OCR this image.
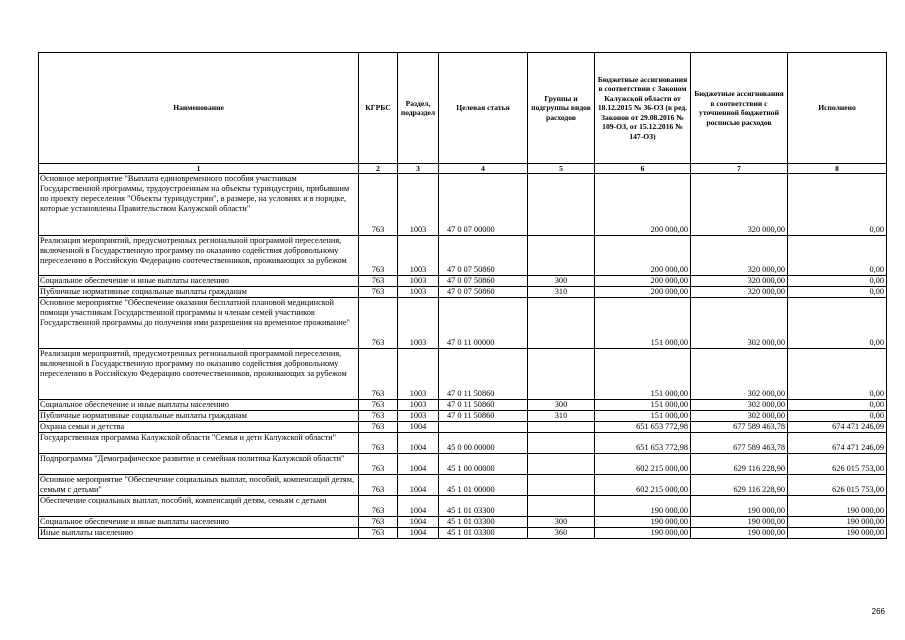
Наименование	КГРБС	Раздел, подраздел	Целевая статья	Группы и подгруппы видов расходов	Бюджетные ассигнования в соответствии с Законом Калужской области от 18.12.2015 № 36-ОЗ (в ред. Законов от 29.08.2016 № 109-ОЗ, от 15.12.2016 № 147-ОЗ)	Бюджетные ассигнования в соответствии с уточненной бюджетной росписью расходов	Исполнено
1	2	3	4	5	6	7	8
Основное мероприятие "Выплата единовременного пособия участникам Государственной программы, трудоустроенным на объекты туриндустрии, прибывшим по проекту переселения "Объекты туриндустрии", в размере, на условиях и в порядке, которые установлены Правительством Калужской области"	763	1003	47 0 07 00000		200 000,00	320 000,00	0,00
Реализация мероприятий, предусмотренных региональной программой переселения, включенной в Государственную программу по оказанию содействия добровольному переселению в Российскую Федерацию соотечественников, проживающих за рубежом	763	1003	47 0 07 50860		200 000,00	320 000,00	0,00
Социальное обеспечение и иные выплаты населению	763	1003	47 0 07 50860	300	200 000,00	320 000,00	0,00
Публичные нормативные социальные выплаты гражданам	763	1003	47 0 07 50860	310	200 000,00	320 000,00	0,00
Основное мероприятие "Обеспечение оказания бесплатной плановой медицинской помощи участникам Государственной программы и членам семей участников Государственной программы до получения ими разрешения на временное проживание"	763	1003	47 0 11 00000		151 000,00	302 000,00	0,00
Реализация мероприятий, предусмотренных региональной программой переселения, включенной в Государственную программу по оказанию содействия добровольному переселению в Российскую Федерацию соотечественников, проживающих за рубежом	763	1003	47 0 11 50860		151 000,00	302 000,00	0,00
Социальное обеспечение и иные выплаты населению	763	1003	47 0 11 50860	300	151 000,00	302 000,00	0,00
Публичные нормативные социальные выплаты гражданам	763	1003	47 0 11 50860	310	151 000,00	302 000,00	0,00
Охрана семьи и детства	763	1004			651 653 772,98	677 589 463,78	674 471 246,09
Государственная программа Калужской области "Семья и дети Калужской области"	763	1004	45 0 00 00000		651 653 772,98	677 589 463,78	674 471 246,09
Подпрограмма "Демографическое развитие и семейная политика Калужской области"	763	1004	45 1 00 00000		602 215 000,00	629 116 228,90	626 015 753,00
Основное мероприятие "Обеспечение социальных выплат, пособий, компенсаций детям, семьям с детьми"	763	1004	45 1 01 00000		602 215 000,00	629 116 228,90	626 015 753,00
Обеспечение социальных выплат, пособий, компенсаций детям, семьям с детьми	763	1004	45 1 01 03300		190 000,00	190 000,00	190 000,00
Социальное обеспечение и иные выплаты населению	763	1004	45 1 01 03300	300	190 000,00	190 000,00	190 000,00
Иные выплаты населению	763	1004	45 1 01 03300	360	190 000,00	190 000,00	190 000,00
266
